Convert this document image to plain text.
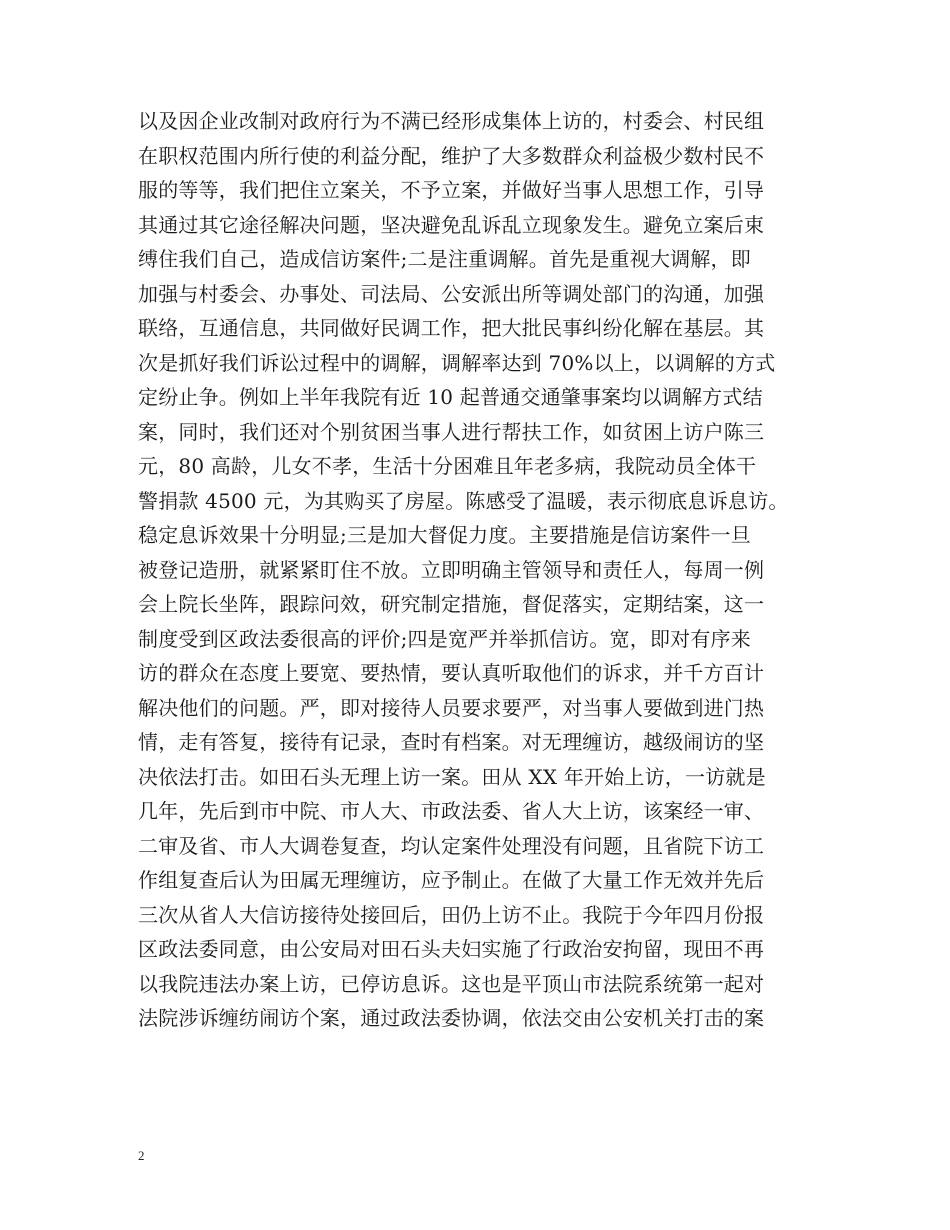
以及因企业改制对政府行为不满已经形成集体上访的，村委会、村民组
在职权范围内所行使的利益分配，维护了大多数群众利益极少数村民不
服的等等，我们把住立案关，不予立案，并做好当事人思想工作，引导
其通过其它途径解决问题，坚决避免乱诉乱立现象发生。避免立案后束
缚住我们自己，造成信访案件;二是注重调解。首先是重视大调解，即
加强与村委会、办事处、司法局、公安派出所等调处部门的沟通，加强
联络，互通信息，共同做好民调工作，把大批民事纠纷化解在基层。其
次是抓好我们诉讼过程中的调解，调解率达到 70%以上，以调解的方式
定纷止争。例如上半年我院有近 10 起普通交通肇事案均以调解方式结
案，同时，我们还对个别贫困当事人进行帮扶工作，如贫困上访户陈三
元，80 高龄，儿女不孝，生活十分困难且年老多病，我院动员全体干
警捐款 4500 元，为其购买了房屋。陈感受了温暖，表示彻底息诉息访。
稳定息诉效果十分明显;三是加大督促力度。主要措施是信访案件一旦
被登记造册，就紧紧盯住不放。立即明确主管领导和责任人，每周一例
会上院长坐阵，跟踪问效，研究制定措施，督促落实，定期结案，这一
制度受到区政法委很高的评价;四是宽严并举抓信访。宽，即对有序来
访的群众在态度上要宽、要热情，要认真听取他们的诉求，并千方百计
解决他们的问题。严，即对接待人员要求要严，对当事人要做到进门热
情，走有答复，接待有记录，查时有档案。对无理缠访，越级闹访的坚
决依法打击。如田石头无理上访一案。田从 XX 年开始上访，一访就是
几年，先后到市中院、市人大、市政法委、省人大上访，该案经一审、
二审及省、市人大调卷复查，均认定案件处理没有问题，且省院下访工
作组复查后认为田属无理缠访，应予制止。在做了大量工作无效并先后
三次从省人大信访接待处接回后，田仍上访不止。我院于今年四月份报
区政法委同意，由公安局对田石头夫妇实施了行政治安拘留，现田不再
以我院违法办案上访，已停访息诉。这也是平顶山市法院系统第一起对
法院涉诉缠纺闹访个案，通过政法委协调，依法交由公安机关打击的案
2
